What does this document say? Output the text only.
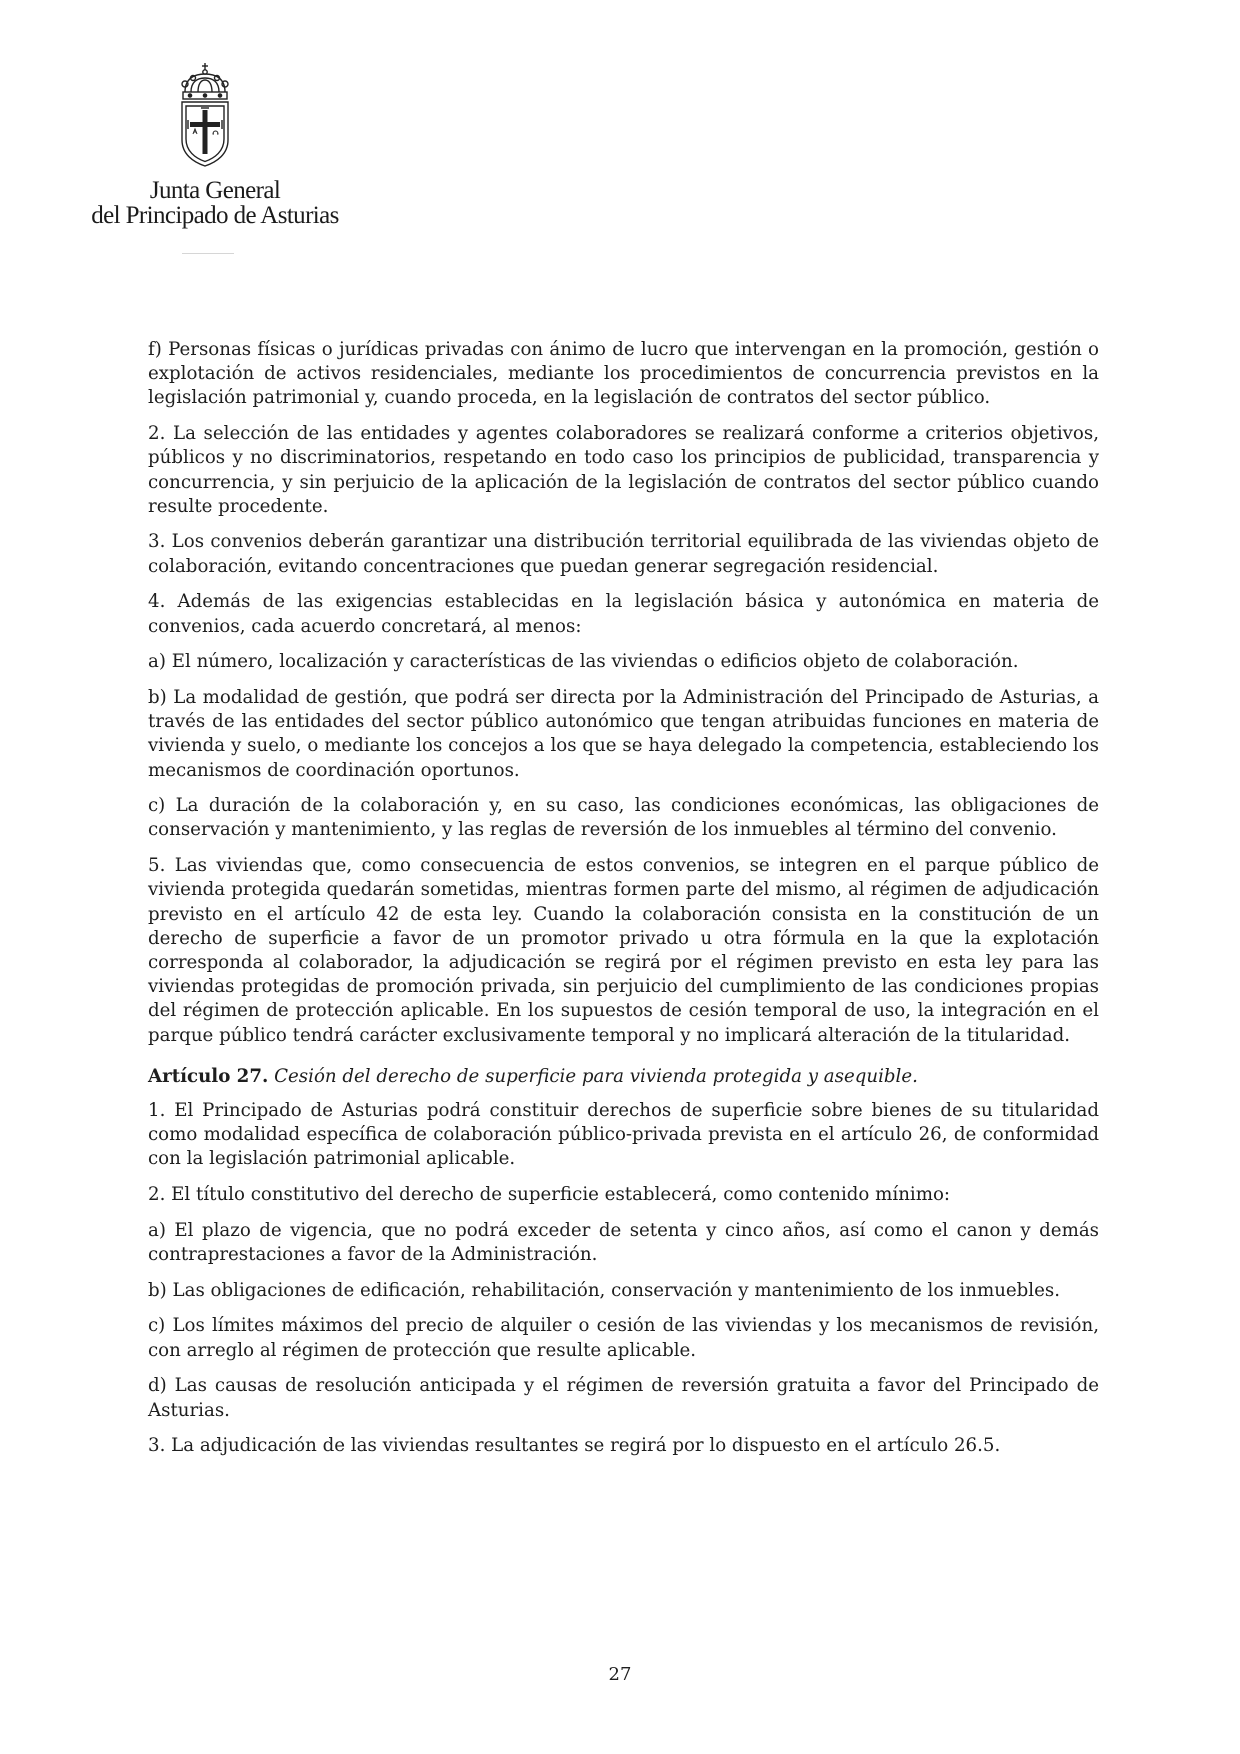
Junta General
del Principado de Asturias

f) Personas físicas o jurídicas privadas con ánimo de lucro que intervengan en la promoción, gestión o explotación de activos residenciales, mediante los procedimientos de concurrencia previstos en la legislación patrimonial y, cuando proceda, en la legislación de contratos del sector público.

2. La selección de las entidades y agentes colaboradores se realizará conforme a criterios objetivos, públicos y no discriminatorios, respetando en todo caso los principios de publicidad, transparencia y concurrencia, y sin perjuicio de la aplicación de la legislación de contratos del sector público cuando resulte procedente.

3. Los convenios deberán garantizar una distribución territorial equilibrada de las viviendas objeto de colaboración, evitando concentraciones que puedan generar segregación residencial.

4. Además de las exigencias establecidas en la legislación básica y autonómica en materia de convenios, cada acuerdo concretará, al menos:

a) El número, localización y características de las viviendas o edificios objeto de colaboración.

b) La modalidad de gestión, que podrá ser directa por la Administración del Principado de Asturias, a través de las entidades del sector público autonómico que tengan atribuidas funciones en materia de vivienda y suelo, o mediante los concejos a los que se haya delegado la competencia, estableciendo los mecanismos de coordinación oportunos.

c) La duración de la colaboración y, en su caso, las condiciones económicas, las obligaciones de conservación y mantenimiento, y las reglas de reversión de los inmuebles al término del convenio.

5. Las viviendas que, como consecuencia de estos convenios, se integren en el parque público de vivienda protegida quedarán sometidas, mientras formen parte del mismo, al régimen de adjudicación previsto en el artículo 42 de esta ley. Cuando la colaboración consista en la constitución de un derecho de superficie a favor de un promotor privado u otra fórmula en la que la explotación corresponda al colaborador, la adjudicación se regirá por el régimen previsto en esta ley para las viviendas protegidas de promoción privada, sin perjuicio del cumplimiento de las condiciones propias del régimen de protección aplicable. En los supuestos de cesión temporal de uso, la integración en el parque público tendrá carácter exclusivamente temporal y no implicará alteración de la titularidad.

Artículo 27. Cesión del derecho de superficie para vivienda protegida y asequible.

1. El Principado de Asturias podrá constituir derechos de superficie sobre bienes de su titularidad como modalidad específica de colaboración público-privada prevista en el artículo 26, de conformidad con la legislación patrimonial aplicable.

2. El título constitutivo del derecho de superficie establecerá, como contenido mínimo:

a) El plazo de vigencia, que no podrá exceder de setenta y cinco años, así como el canon y demás contraprestaciones a favor de la Administración.

b) Las obligaciones de edificación, rehabilitación, conservación y mantenimiento de los inmuebles.

c) Los límites máximos del precio de alquiler o cesión de las viviendas y los mecanismos de revisión, con arreglo al régimen de protección que resulte aplicable.

d) Las causas de resolución anticipada y el régimen de reversión gratuita a favor del Principado de Asturias.

3. La adjudicación de las viviendas resultantes se regirá por lo dispuesto en el artículo 26.5.

27
